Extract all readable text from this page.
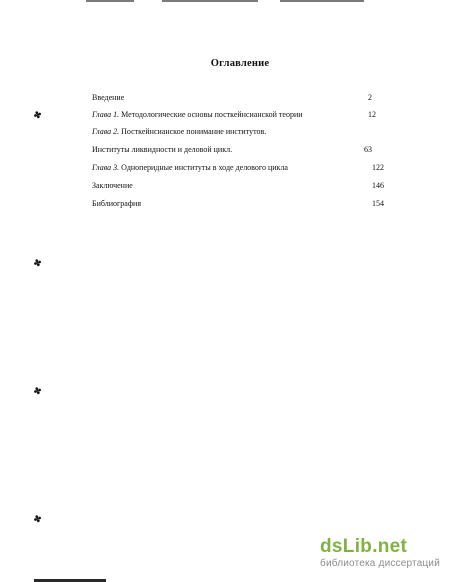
Оглавление
Введение	2
Глава 1. Методологические основы посткейнсианской теории	12
Глава 2. Посткейнсианское понимание институтов.
Институты ликвидности и деловой цикл.	63
Глава 3. Одноперидные институты в ходе делового цикла	122
Заключение	146
Библиография	154
✤
✤
✤
✤
dsLib.net
библиотека диссертаций
